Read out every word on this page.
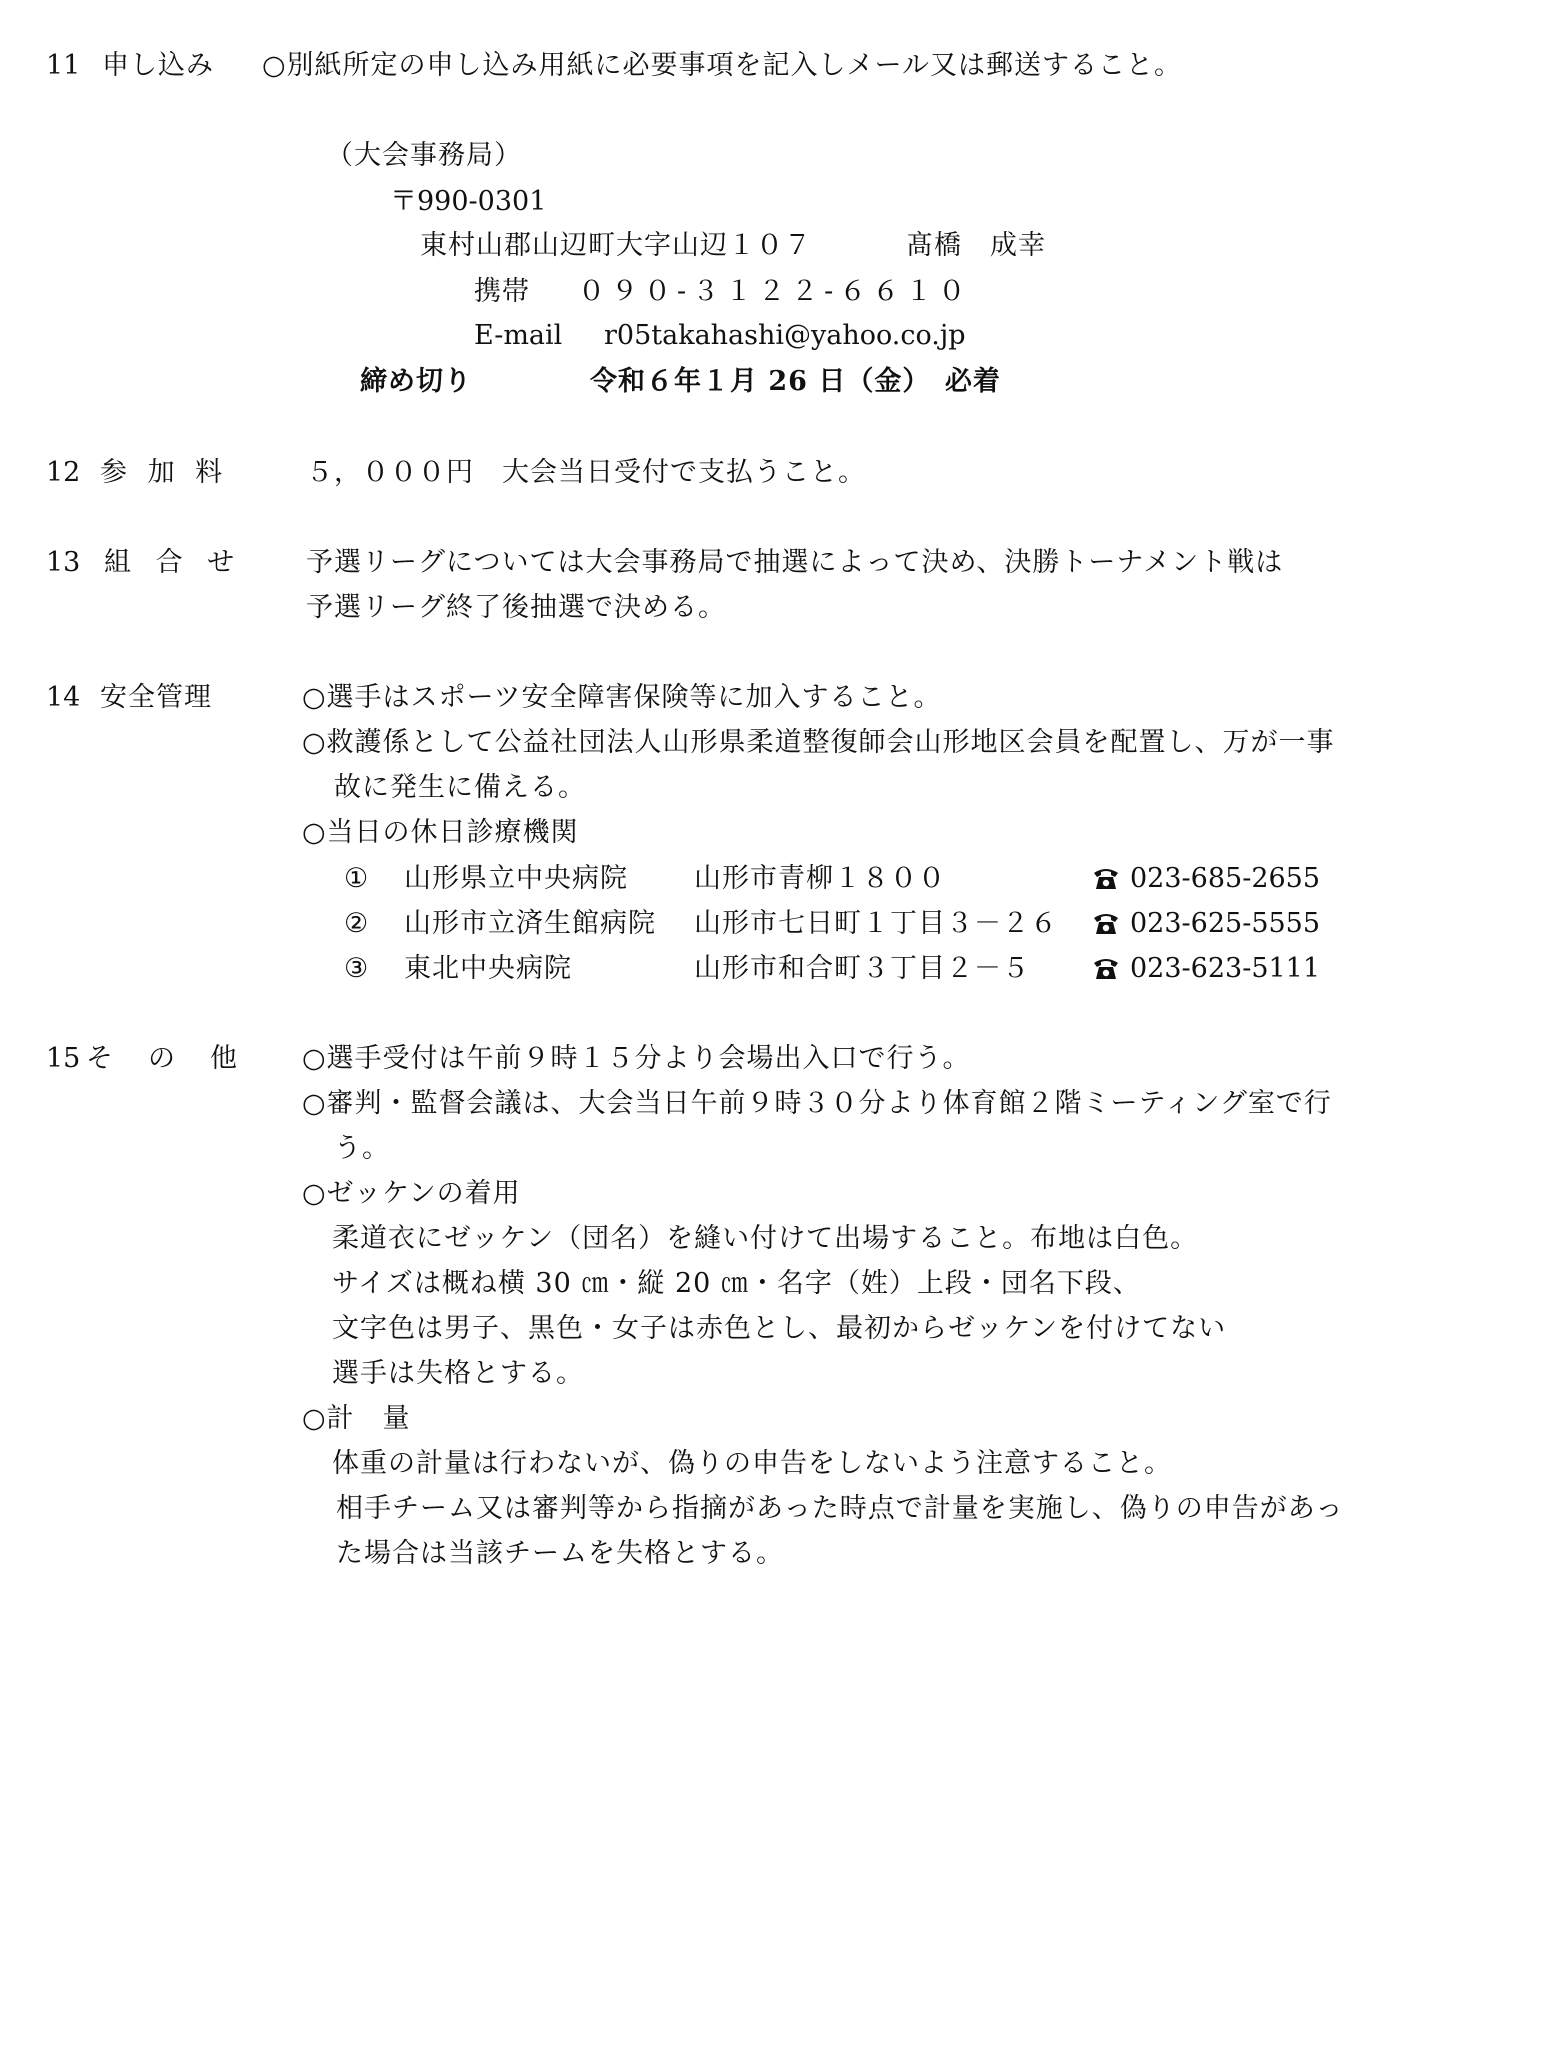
11 申し込み ○別紙所定の申し込み用紙に必要事項を記入しメール又は郵送すること。
（大会事務局）
〒990-0301
東村山郡山辺町大字山辺１０７	髙橋　成幸
携帯 ０９０-３１２２-６６１０
E-mail r05takahashi@yahoo.co.jp
締め切り	令和６年１月 26 日（金）　必着
12 参 加 料	５，０００円　大会当日受付で支払うこと。
13 組 合 せ 予選リーグについては大会事務局で抽選によって決め、決勝トーナメント戦は
予選リーグ終了後抽選で決める。
14 安全管理	○選手はスポーツ安全障害保険等に加入すること。
○救護係として公益社団法人山形県柔道整復師会山形地区会員を配置し、万が一事
故に発生に備える。
○当日の休日診療機関
① 山形県立中央病院 山形市青柳１８００	023-685-2655
② 山形市立済生館病院 山形市七日町１丁目３－２６	023-625-5555
③ 東北中央病院	山形市和合町３丁目２－５	023-623-5111
15 そ　の　他 ○選手受付は午前９時１５分より会場出入口で行う。
○審判・監督会議は、大会当日午前９時３０分より体育館２階ミーティング室で行
う。
○ゼッケンの着用
柔道衣にゼッケン（団名）を縫い付けて出場すること。布地は白色。
サイズは概ね横 30 ㎝・縦 20 ㎝・名字（姓）上段・団名下段、
文字色は男子、黒色・女子は赤色とし、最初からゼッケンを付けてない
選手は失格とする。
○計　量
体重の計量は行わないが、偽りの申告をしないよう注意すること。
相手チーム又は審判等から指摘があった時点で計量を実施し、偽りの申告があっ
た場合は当該チームを失格とする。
